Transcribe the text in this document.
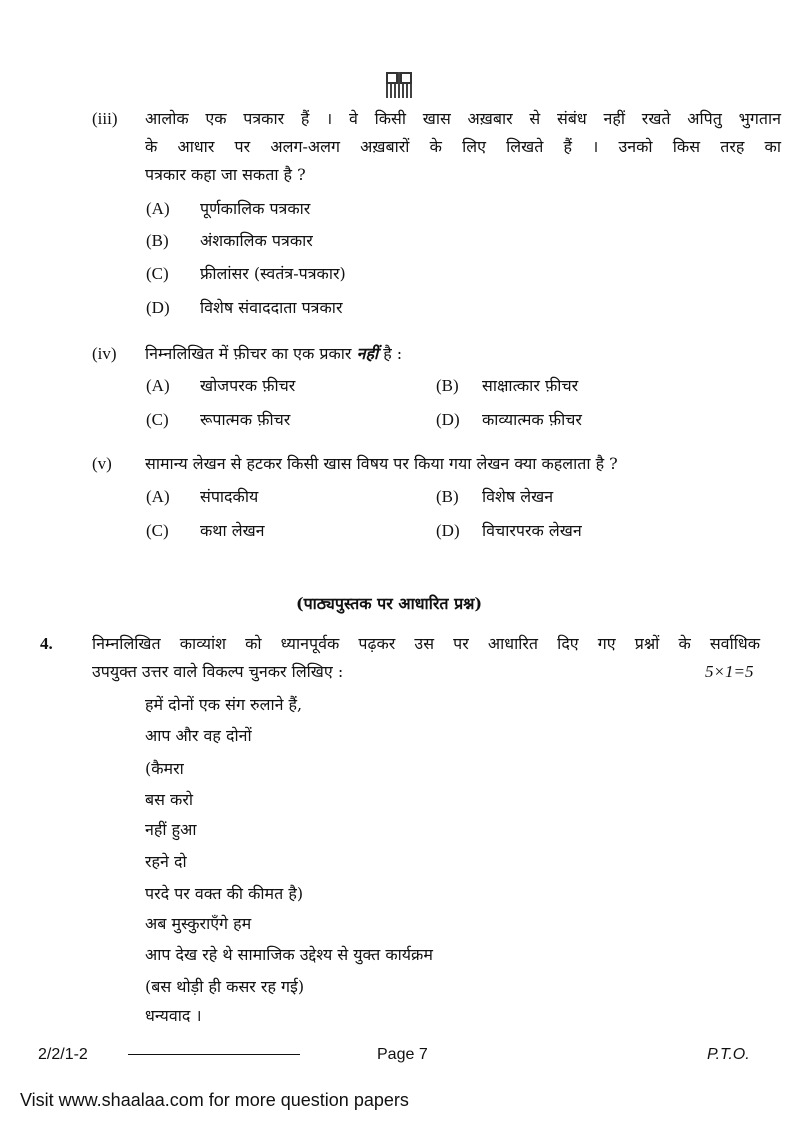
(iii) आलोक एक पत्रकार हैं । वे किसी खास अख़बार से संबंध नहीं रखते अपितु भुगतान
के आधार पर अलग-अलग अख़बारों के लिए लिखते हैं । उनको किस तरह का
पत्रकार कहा जा सकता है ?
(A) पूर्णकालिक पत्रकार
(B) अंशकालिक पत्रकार
(C) फ्रीलांसर (स्वतंत्र-पत्रकार)
(D) विशेष संवाददाता पत्रकार
(iv) निम्नलिखित में फ़ीचर का एक प्रकार नहीं है :
(A) खोजपरक फ़ीचर	(B) साक्षात्कार फ़ीचर
(C) रूपात्मक फ़ीचर	(D) काव्यात्मक फ़ीचर
(v) सामान्य लेखन से हटकर किसी खास विषय पर किया गया लेखन क्या कहलाता है ?
(A) संपादकीय	(B) विशेष लेखन
(C) कथा लेखन	(D) विचारपरक लेखन
(पाठ्यपुस्तक पर आधारित प्रश्न)
4. निम्नलिखित काव्यांश को ध्यानपूर्वक पढ़कर उस पर आधारित दिए गए प्रश्नों के सर्वाधिक
उपयुक्त उत्तर वाले विकल्प चुनकर लिखिए :	5×1=5
हमें दोनों एक संग रुलाने हैं,
आप और वह दोनों
(कैमरा
बस करो
नहीं हुआ
रहने दो
परदे पर वक्त की कीमत है)
अब मुस्कुराएँगे हम
आप देख रहे थे सामाजिक उद्देश्य से युक्त कार्यक्रम
(बस थोड़ी ही कसर रह गई)
धन्यवाद ।
2/2/1-2	Page 7	P.T.O.
Visit www.shaalaa.com for more question papers
